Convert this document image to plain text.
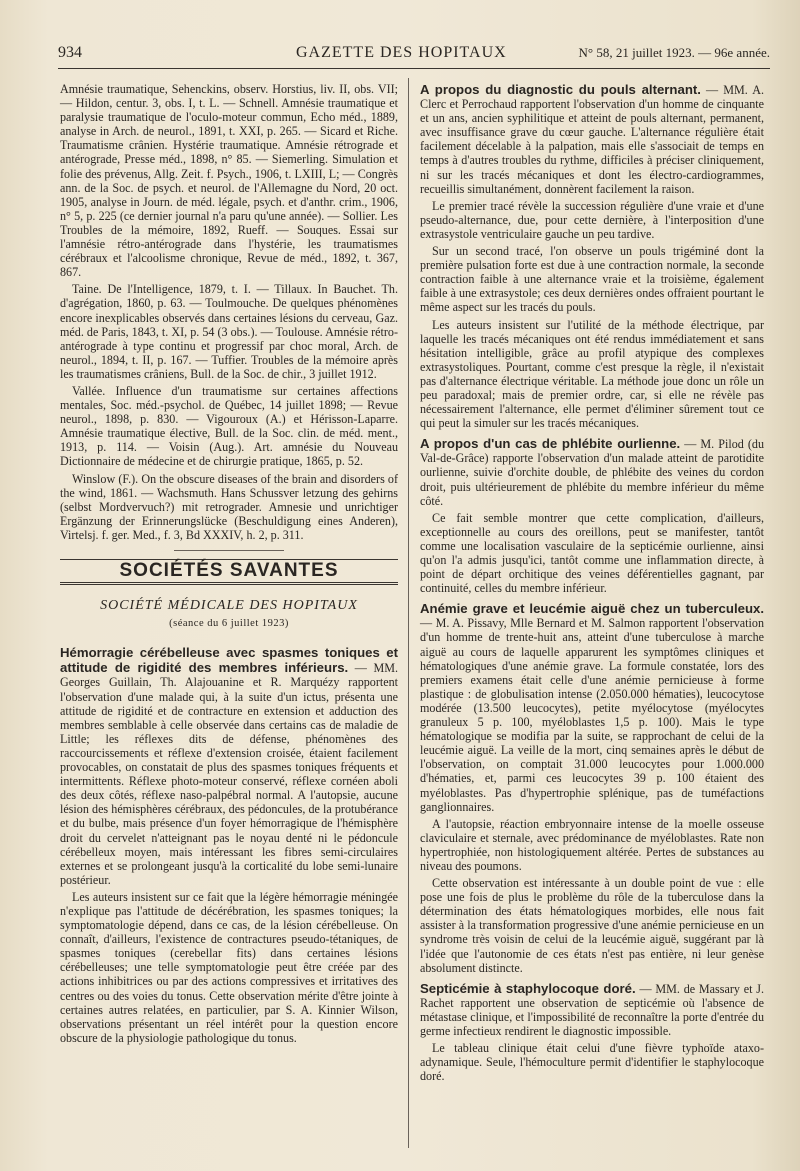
934	GAZETTE DES HOPITAUX	N° 58, 21 juillet 1923. — 96e année.

Amnésie traumatique, Sehenckins, observ. Horstius, liv. II, obs. VII; — Hildon, centur. 3, obs. I, t. L. — Schnell. Amnésie traumatique et paralysie traumatique de l'oculo-moteur commun, Echo méd., 1889, analyse in Arch. de neurol., 1891, t. XXI, p. 265. — Sicard et Riche. Traumatisme crânien. Hystérie traumatique. Amnésie rétrograde et antérograde, Presse méd., 1898, n° 85. — Siemerling. Simulation et folie des prévenus, Allg. Zeit. f. Psych., 1906, t. LXIII, L; — Congrès ann. de la Soc. de psych. et neurol. de l'Allemagne du Nord, 20 oct. 1905, analyse in Journ. de méd. légale, psych. et d'anthr. crim., 1906, n° 5, p. 225 (ce dernier journal n'a paru qu'une année). — Sollier. Les Troubles de la mémoire, 1892, Rueff. — Souques. Essai sur l'amnésie rétro-antérograde dans l'hystérie, les traumatismes cérébraux et l'alcoolisme chronique, Revue de méd., 1892, t. 367, 867.

Taine. De l'Intelligence, 1879, t. I. — Tillaux. In Bauchet. Th. d'agrégation, 1860, p. 63. — Toulmouche. De quelques phénomènes encore inexplicables observés dans certaines lésions du cerveau, Gaz. méd. de Paris, 1843, t. XI, p. 54 (3 obs.). — Toulouse. Amnésie rétro-antérograde à type continu et progressif par choc moral, Arch. de neurol., 1894, t. II, p. 167. — Tuffier. Troubles de la mémoire après les traumatismes crâniens, Bull. de la Soc. de chir., 3 juillet 1912.

Vallée. Influence d'un traumatisme sur certaines affections mentales, Soc. méd.-psychol. de Québec, 14 juillet 1898; — Revue neurol., 1898, p. 830. — Vigouroux (A.) et Hérisson-Laparre. Amnésie traumatique élective, Bull. de la Soc. clin. de méd. ment., 1913, p. 114. — Voisin (Aug.). Art. amnésie du Nouveau Dictionnaire de médecine et de chirurgie pratique, 1865, p. 52.

Winslow (F.). On the obscure diseases of the brain and disorders of the wind, 1861. — Wachsmuth. Hans Schussver letzung des gehirns (selbst Mordvervuch?) mit retrograder. Amnesie und unrichtiger Ergänzung der Erinnerungslücke (Beschuldigung eines Anderen), Virtelsj. f. ger. Med., f. 3, Bd XXXIV, h. 2, p. 311.

SOCIÉTÉS SAVANTES
SOCIÉTÉ MÉDICALE DES HOPITAUX
(séance du 6 juillet 1923)

Hémorragie cérébelleuse avec spasmes toniques et attitude de rigidité des membres inférieurs. — MM. Georges Guillain, Th. Alajouanine et R. Marquézy rapportent l'observation d'une malade qui, à la suite d'un ictus, présenta une attitude de rigidité et de contracture en extension et adduction des membres semblable à celle observée dans certains cas de maladie de Little; les réflexes dits de défense, phénomènes des raccourcissements et réflexe d'extension croisée, étaient facilement provocables, on constatait de plus des spasmes toniques fréquents et intermittents. Réflexe photo-moteur conservé, réflexe cornéen aboli des deux côtés, réflexe naso-palpébral normal. A l'autopsie, aucune lésion des hémisphères cérébraux, des pédoncules, de la protubérance et du bulbe, mais présence d'un foyer hémorragique de l'hémisphère droit du cervelet n'atteignant pas le noyau denté ni le pédoncule cérébelleux moyen, mais intéressant les fibres semi-circulaires externes et se prolongeant jusqu'à la corticalité du lobe semi-lunaire postérieur.

Les auteurs insistent sur ce fait que la légère hémorragie méningée n'explique pas l'attitude de décérébration, les spasmes toniques; la symptomatologie dépend, dans ce cas, de la lésion cérébelleuse. On connaît, d'ailleurs, l'existence de contractures pseudo-tétaniques, de spasmes toniques (cerebellar fits) dans certaines lésions cérébelleuses; une telle symptomatologie peut être créée par des actions inhibitrices ou par des actions compressives et irritatives des centres ou des voies du tonus. Cette observation mérite d'être jointe à certaines autres relatées, en particulier, par S. A. Kinnier Wilson, observations présentant un réel intérêt pour la question encore obscure de la physiologie pathologique du tonus.

A propos du diagnostic du pouls alternant. — MM. A. Clerc et Perrochaud rapportent l'observation d'un homme de cinquante et un ans, ancien syphilitique et atteint de pouls alternant, permanent, avec insuffisance grave du cœur gauche. L'alternance régulière était facilement décelable à la palpation, mais elle s'associait de temps en temps à d'autres troubles du rythme, difficiles à préciser cliniquement, ni sur les tracés mécaniques et dont les électro-cardiogrammes, recueillis simultanément, donnèrent facilement la raison.

Le premier tracé révèle la succession régulière d'une vraie et d'une pseudo-alternance, due, pour cette dernière, à l'interposition d'une extrasystole ventriculaire gauche un peu tardive.

Sur un second tracé, l'on observe un pouls trigéminé dont la première pulsation forte est due à une contraction normale, la seconde contraction faible à une alternance vraie et la troisième, également faible à une extrasystole; ces deux dernières ondes offraient pourtant le même aspect sur les tracés du pouls.

Les auteurs insistent sur l'utilité de la méthode électrique, par laquelle les tracés mécaniques ont été rendus immédiatement et sans hésitation intelligible, grâce au profil atypique des complexes extrasystoliques. Pourtant, comme c'est presque la règle, il n'existait pas d'alternance électrique véritable. La méthode joue donc un rôle un peu paradoxal; mais de premier ordre, car, si elle ne révèle pas nécessairement l'alternance, elle permet d'éliminer sûrement tout ce qui peut la simuler sur les tracés mécaniques.

A propos d'un cas de phlébite ourlienne. — M. Pilod (du Val-de-Grâce) rapporte l'observation d'un malade atteint de parotidite ourlienne, suivie d'orchite double, de phlébite des veines du cordon droit, puis ultérieurement de phlébite du membre inférieur du même côté.

Ce fait semble montrer que cette complication, d'ailleurs, exceptionnelle au cours des oreillons, peut se manifester, tantôt comme une localisation vasculaire de la septicémie ourlienne, ainsi qu'on l'a admis jusqu'ici, tantôt comme une inflammation directe, à point de départ orchitique des veines déférentielles gagnant, par continuité, celles du membre inférieur.

Anémie grave et leucémie aiguë chez un tuberculeux. — M. A. Pissavy, Mlle Bernard et M. Salmon rapportent l'observation d'un homme de trente-huit ans, atteint d'une tuberculose à marche aiguë au cours de laquelle apparurent les symptômes cliniques et hématologiques d'une anémie grave. La formule constatée, lors des premiers examens était celle d'une anémie pernicieuse à forme plastique : de globulisation intense (2.050.000 hématies), leucocytose modérée (13.500 leucocytes), petite myélocytose (myélocytes granuleux 5 p. 100, myéloblastes 1,5 p. 100). Mais le type hématologique se modifia par la suite, se rapprochant de celui de la leucémie aiguë. La veille de la mort, cinq semaines après le début de l'observation, on comptait 31.000 leucocytes pour 1.000.000 d'hématies, et, parmi ces leucocytes 39 p. 100 étaient des myéloblastes. Pas d'hypertrophie splénique, pas de tuméfactions ganglionnaires.

A l'autopsie, réaction embryonnaire intense de la moelle osseuse claviculaire et sternale, avec prédominance de myéloblastes. Rate non hypertrophiée, non histologiquement altérée. Pertes de substances au niveau des poumons.

Cette observation est intéressante à un double point de vue : elle pose une fois de plus le problème du rôle de la tuberculose dans la détermination des états hématologiques morbides, elle nous fait assister à la transformation progressive d'une anémie pernicieuse en un syndrome très voisin de celui de la leucémie aiguë, suggérant par là l'idée que l'autonomie de ces états n'est pas entière, ni leur genèse absolument distincte.

Septicémie à staphylocoque doré. — MM. de Massary et J. Rachet rapportent une observation de septicémie où l'absence de métastase clinique, et l'impossibilité de reconnaître la porte d'entrée du germe infectieux rendirent le diagnostic impossible.

Le tableau clinique était celui d'une fièvre typhoïde ataxo-adynamique. Seule, l'hémoculture permit d'identifier le staphylocoque doré.
